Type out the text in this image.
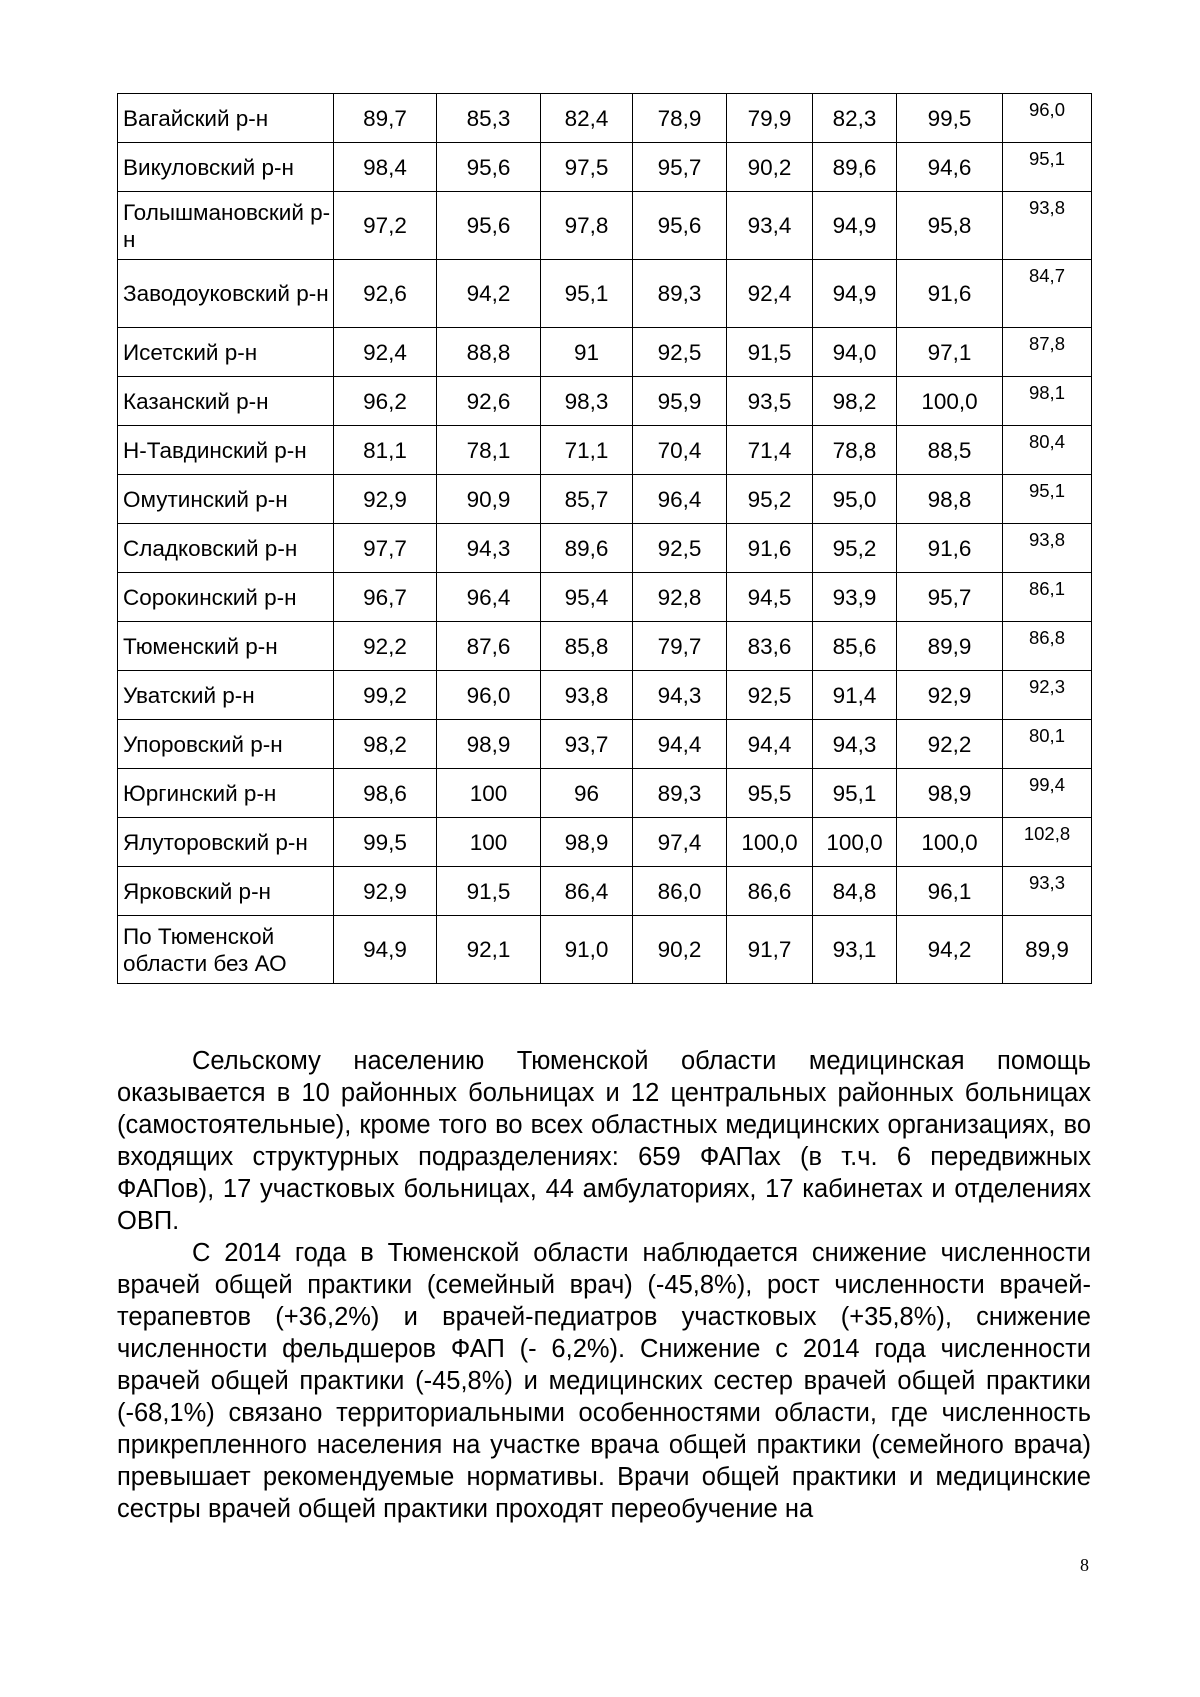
Вагайский р-н	89,7	85,3	82,4	78,9	79,9	82,3	99,5	96,0
Викуловский р-н	98,4	95,6	97,5	95,7	90,2	89,6	94,6	95,1
Голышмановский р-н	97,2	95,6	97,8	95,6	93,4	94,9	95,8	93,8
Заводоуковский р-н	92,6	94,2	95,1	89,3	92,4	94,9	91,6	84,7
Исетский р-н	92,4	88,8	91	92,5	91,5	94,0	97,1	87,8
Казанский р-н	96,2	92,6	98,3	95,9	93,5	98,2	100,0	98,1
Н-Тавдинский р-н	81,1	78,1	71,1	70,4	71,4	78,8	88,5	80,4
Омутинский р-н	92,9	90,9	85,7	96,4	95,2	95,0	98,8	95,1
Сладковский р-н	97,7	94,3	89,6	92,5	91,6	95,2	91,6	93,8
Сорокинский р-н	96,7	96,4	95,4	92,8	94,5	93,9	95,7	86,1
Тюменский р-н	92,2	87,6	85,8	79,7	83,6	85,6	89,9	86,8
Уватский р-н	99,2	96,0	93,8	94,3	92,5	91,4	92,9	92,3
Упоровский р-н	98,2	98,9	93,7	94,4	94,4	94,3	92,2	80,1
Юргинский р-н	98,6	100	96	89,3	95,5	95,1	98,9	99,4
Ялуторовский р-н	99,5	100	98,9	97,4	100,0	100,0	100,0	102,8
Ярковский р-н	92,9	91,5	86,4	86,0	86,6	84,8	96,1	93,3
По Тюменской области без АО	94,9	92,1	91,0	90,2	91,7	93,1	94,2	89,9

Сельскому населению Тюменской области медицинская помощь оказывается в 10 районных больницах и 12 центральных районных больницах (самостоятельные), кроме того во всех областных медицинских организациях, во входящих структурных подразделениях: 659 ФАПах (в т.ч. 6 передвижных ФАПов), 17 участковых больницах, 44 амбулаториях, 17 кабинетах и отделениях ОВП.

С 2014 года в Тюменской области наблюдается снижение численности врачей общей практики (семейный врач) (-45,8%), рост численности врачей-терапевтов (+36,2%) и врачей-педиатров участковых (+35,8%), снижение численности фельдшеров ФАП (- 6,2%). Снижение с 2014 года численности врачей общей практики (-45,8%) и медицинских сестер врачей общей практики (-68,1%) связано территориальными особенностями области, где численность прикрепленного населения на участке врача общей практики (семейного врача) превышает рекомендуемые нормативы. Врачи общей практики и медицинские сестры врачей общей практики проходят переобучение на

8
